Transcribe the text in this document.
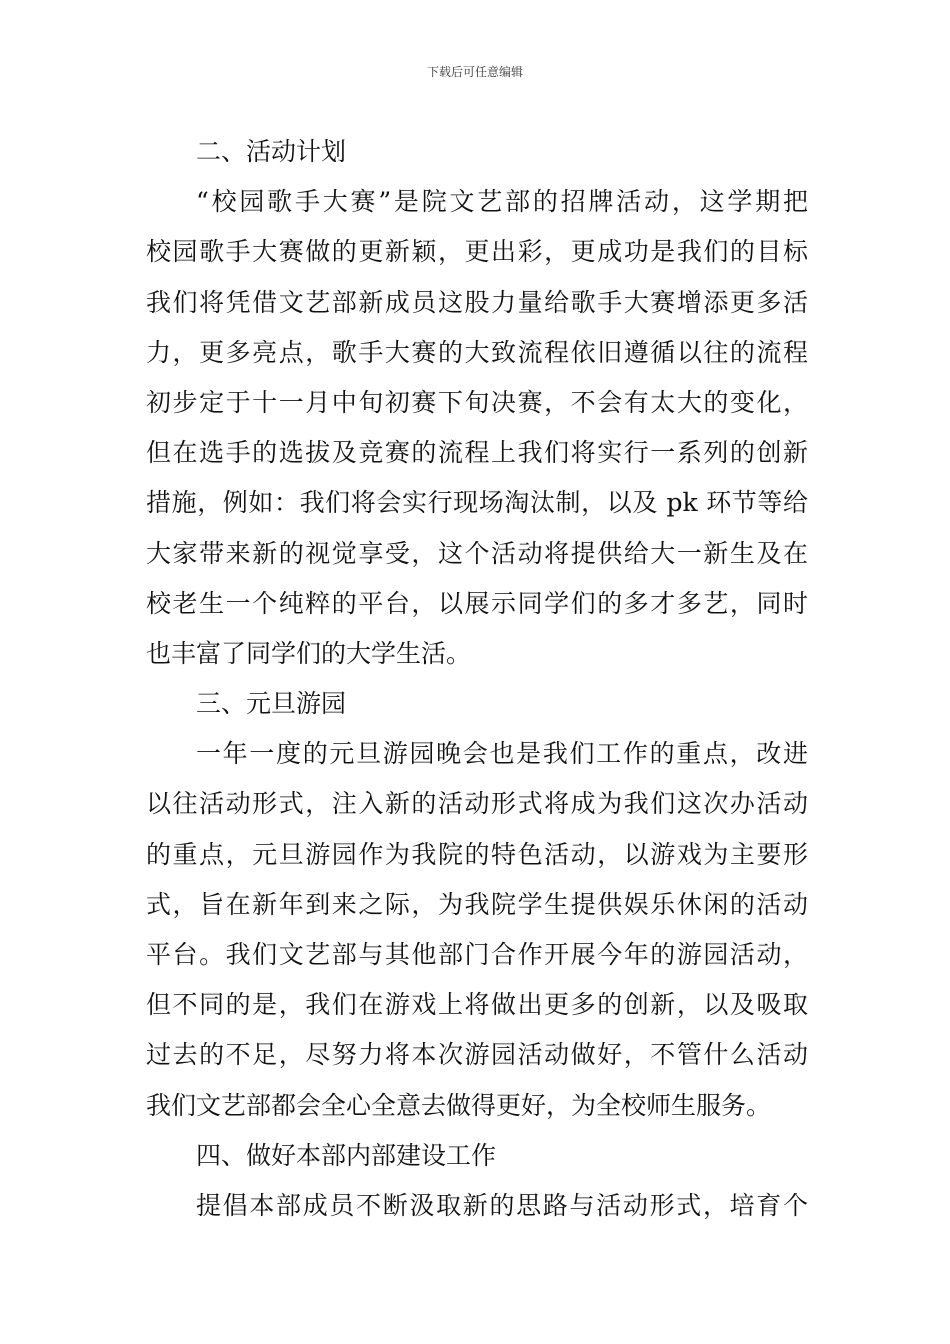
下载后可任意编辑
二、活动计划
“校园歌手大赛”是院文艺部的招牌活动，这学期把
校园歌手大赛做的更新颖，更出彩，更成功是我们的目标
我们将凭借文艺部新成员这股力量给歌手大赛增添更多活
力，更多亮点，歌手大赛的大致流程依旧遵循以往的流程
初步定于十一月中旬初赛下旬决赛，不会有太大的变化，
但在选手的选拔及竞赛的流程上我们将实行一系列的创新
措施，例如：我们将会实行现场淘汰制，以及 pk 环节等给
大家带来新的视觉享受，这个活动将提供给大一新生及在
校老生一个纯粹的平台，以展示同学们的多才多艺，同时
也丰富了同学们的大学生活。
三、元旦游园
一年一度的元旦游园晚会也是我们工作的重点，改进
以往活动形式，注入新的活动形式将成为我们这次办活动
的重点，元旦游园作为我院的特色活动，以游戏为主要形
式，旨在新年到来之际，为我院学生提供娱乐休闲的活动
平台。我们文艺部与其他部门合作开展今年的游园活动，
但不同的是，我们在游戏上将做出更多的创新，以及吸取
过去的不足，尽努力将本次游园活动做好，不管什么活动
我们文艺部都会全心全意去做得更好，为全校师生服务。
四、做好本部内部建设工作
提倡本部成员不断汲取新的思路与活动形式，培育个
